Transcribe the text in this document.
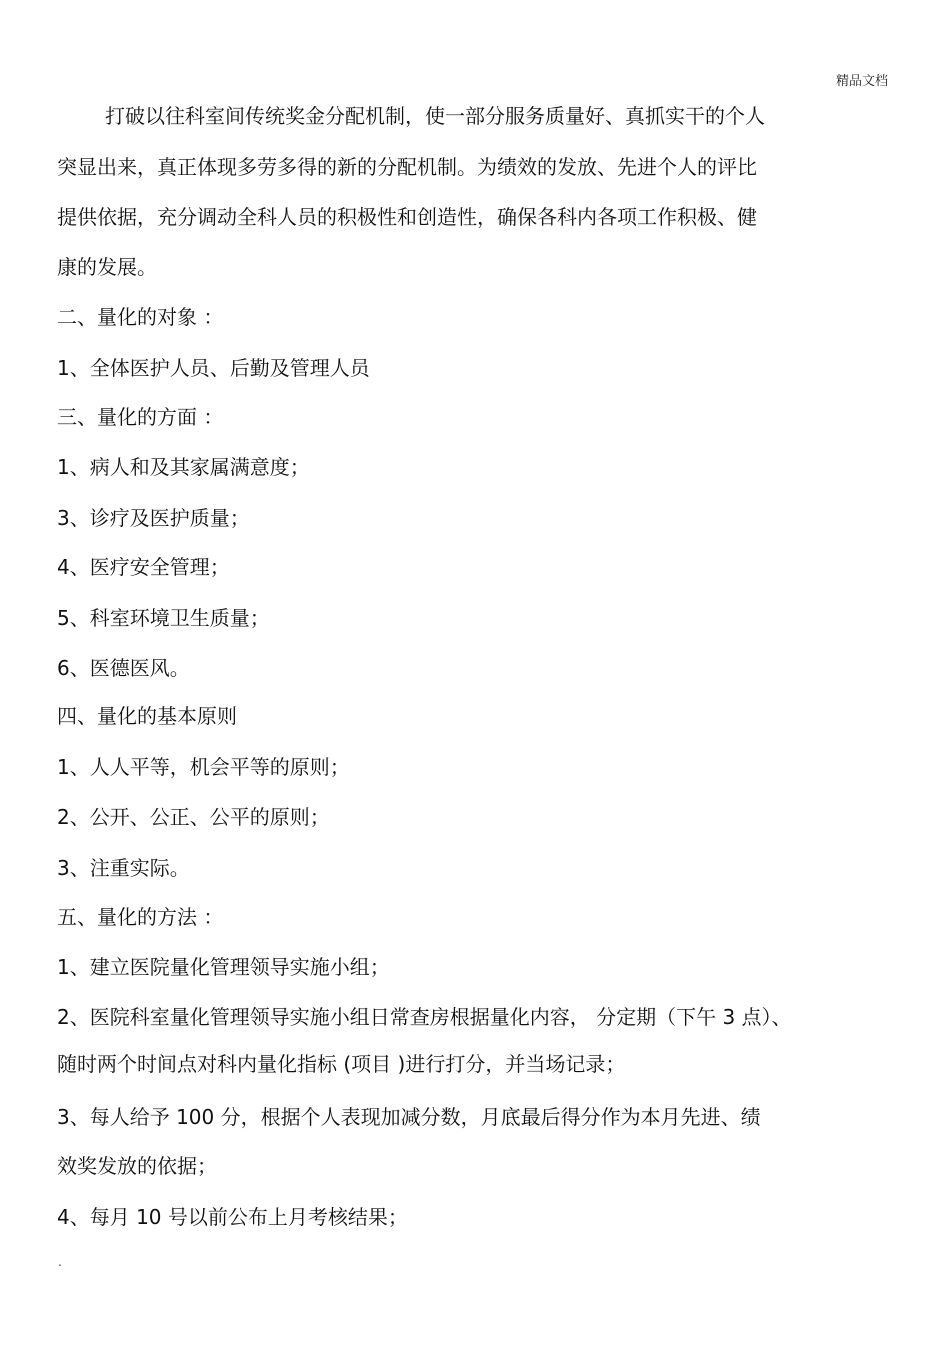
精品文档
打破以往科室间传统奖金分配机制，使一部分服务质量好、真抓实干的个人
突显出来，真正体现多劳多得的新的分配机制。为绩效的发放、先进个人的评比
提供依据，充分调动全科人员的积极性和创造性，确保各科内各项工作积极、健
康的发展。
二、量化的对象 ：
1、全体医护人员、后勤及管理人员
三、量化的方面 ：
1、病人和及其家属满意度；
3、诊疗及医护质量；
4、医疗安全管理；
5、科室环境卫生质量；
6、医德医风。
四、量化的基本原则
1、人人平等，机会平等的原则；
2、公开、公正、公平的原则；
3、注重实际。
五、量化的方法 ：
1、建立医院量化管理领导实施小组；
2、医院科室量化管理领导实施小组日常查房根据量化内容， 分定期（下午 3 点）、
随时两个时间点对科内量化指标 (项目 )进行打分，并当场记录；
3、每人给予 100 分，根据个人表现加减分数，月底最后得分作为本月先进、绩
效奖发放的依据；
4、每月 10 号以前公布上月考核结果；
.
